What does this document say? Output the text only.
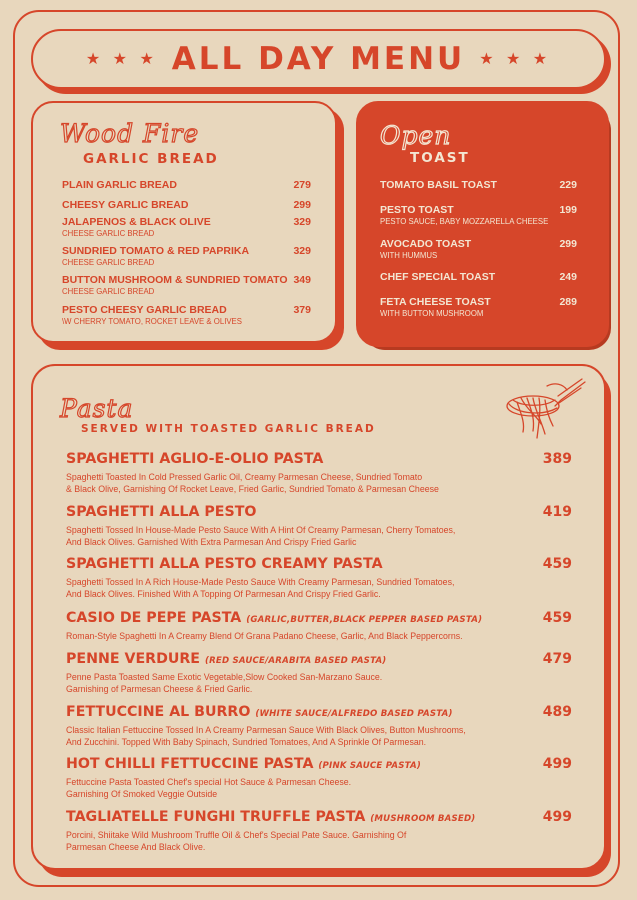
★ ★ ★ ALL DAY MENU ★ ★ ★
Wood Fire
GARLIC BREAD
PLAIN GARLIC BREAD	279
CHEESY GARLIC BREAD	299
JALAPENOS & BLACK OLIVE	329
CHEESE GARLIC BREAD
SUNDRIED TOMATO & RED PAPRIKA	329
CHEESE GARLIC BREAD
BUTTON MUSHROOM & SUNDRIED TOMATO 349
CHEESE GARLIC BREAD
PESTO CHEESY GARLIC BREAD	379
\W CHERRY TOMATO, ROCKET LEAVE & OLIVES
Open
TOAST
TOMATO BASIL TOAST	229
PESTO TOAST	199
PESTO SAUCE, BABY MOZZARELLA CHEESE
AVOCADO TOAST	299
WITH HUMMUS
CHEF SPECIAL TOAST	249
FETA CHEESE TOAST	289
WITH BUTTON MUSHROOM
Pasta
SERVED WITH TOASTED GARLIC BREAD
SPAGHETTI AGLIO-E-OLIO PASTA	389
Spaghetti Toasted In Cold Pressed Garlic Oil, Creamy Parmesan Cheese, Sundried Tomato
& Black Olive, Garnishing Of Rocket Leave, Fried Garlic, Sundried Tomato & Parmesan Cheese
SPAGHETTI ALLA PESTO	419
Spaghetti Tossed In House-Made Pesto Sauce With A Hint Of Creamy Parmesan, Cherry Tomatoes,
And Black Olives. Garnished With Extra Parmesan And Crispy Fried Garlic
SPAGHETTI ALLA PESTO CREAMY PASTA	459
Spaghetti Tossed In A Rich House-Made Pesto Sauce With Creamy Parmesan, Sundried Tomatoes,
And Black Olives. Finished With A Topping Of Parmesan And Crispy Fried Garlic.
CASIO DE PEPE PASTA (GARLIC,BUTTER,BLACK PEPPER BASED PASTA)	459
Roman-Style Spaghetti In A Creamy Blend Of Grana Padano Cheese, Garlic, And Black Peppercorns.
PENNE VERDURE (RED SAUCE/ARABITA BASED PASTA)	479
Penne Pasta Toasted Same Exotic Vegetable,Slow Cooked San-Marzano Sauce.
Garnishing of Parmesan Cheese & Fried Garlic.
FETTUCCINE AL BURRO (WHITE SAUCE/ALFREDO BASED PASTA)	489
Classic Italian Fettuccine Tossed In A Creamy Parmesan Sauce With Black Olives, Button Mushrooms,
And Zucchini. Topped With Baby Spinach, Sundried Tomatoes, And A Sprinkle Of Parmesan.
HOT CHILLI FETTUCCINE PASTA (PINK SAUCE PASTA)	499
Fettuccine Pasta Toasted Chef's special Hot Sauce & Parmesan Cheese.
Garnishing Of Smoked Veggie Outside
TAGLIATELLE FUNGHI TRUFFLE PASTA (MUSHROOM BASED)	499
Porcini, Shiitake Wild Mushroom Truffle Oil & Chef's Special Pate Sauce. Garnishing Of
Parmesan Cheese And Black Olive.
